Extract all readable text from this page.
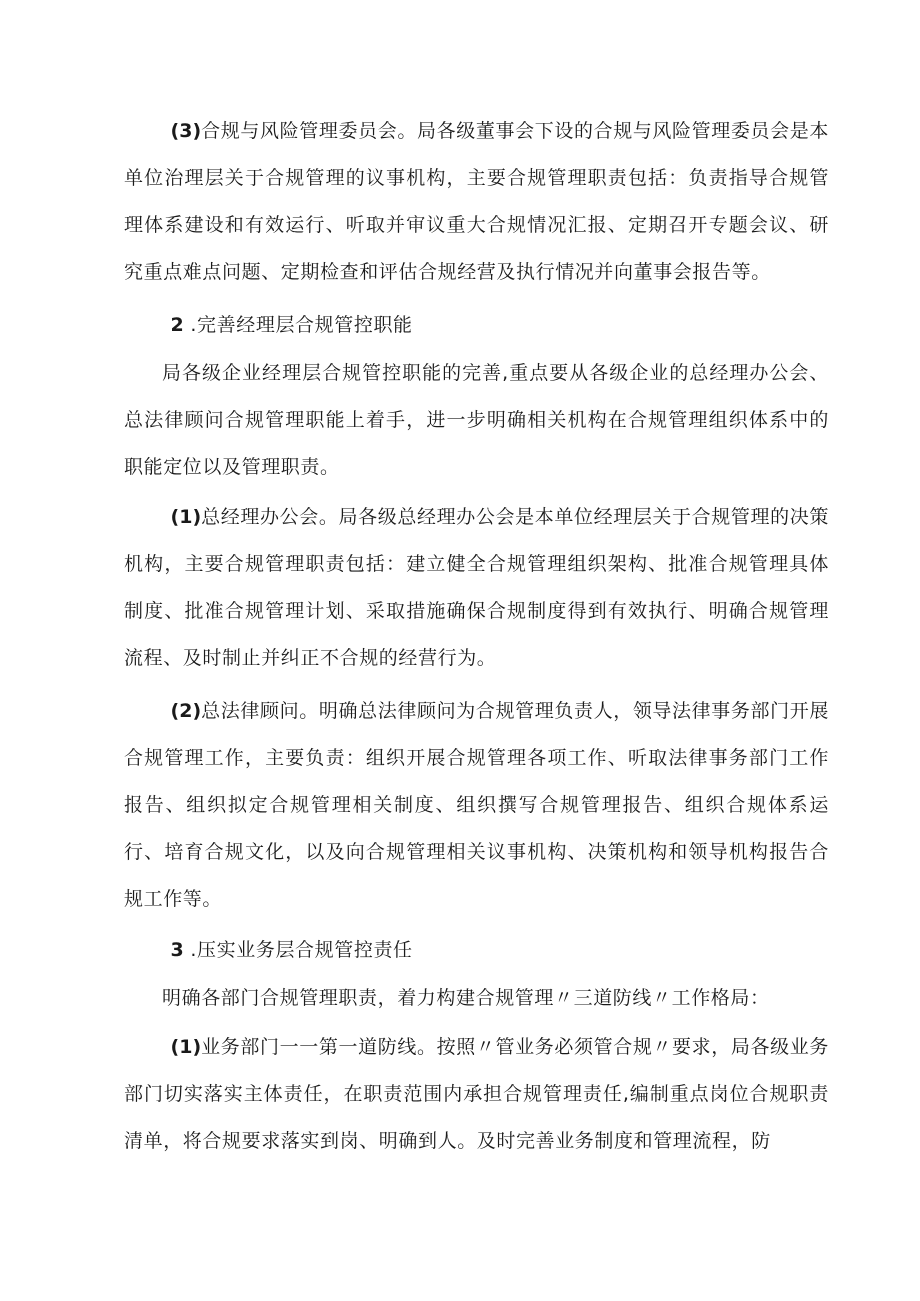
(3)合规与风险管理委员会。局各级董事会下设的合规与风险管理委员会是本单位治理层关于合规管理的议事机构，主要合规管理职责包括：负责指导合规管理体系建设和有效运行、听取并审议重大合规情况汇报、定期召开专题会议、研究重点难点问题、定期检查和评估合规经营及执行情况并向董事会报告等。

2 .完善经理层合规管控职能

局各级企业经理层合规管控职能的完善,重点要从各级企业的总经理办公会、总法律顾问合规管理职能上着手，进一步明确相关机构在合规管理组织体系中的职能定位以及管理职责。

(1)总经理办公会。局各级总经理办公会是本单位经理层关于合规管理的决策机构，主要合规管理职责包括：建立健全合规管理组织架构、批准合规管理具体制度、批准合规管理计划、采取措施确保合规制度得到有效执行、明确合规管理流程、及时制止并纠正不合规的经营行为。

(2)总法律顾问。明确总法律顾问为合规管理负责人，领导法律事务部门开展合规管理工作，主要负责：组织开展合规管理各项工作、听取法律事务部门工作报告、组织拟定合规管理相关制度、组织撰写合规管理报告、组织合规体系运行、培育合规文化，以及向合规管理相关议事机构、决策机构和领导机构报告合规工作等。

3 .压实业务层合规管控责任

明确各部门合规管理职责，着力构建合规管理〃三道防线〃工作格局：

(1)业务部门一一第一道防线。按照〃管业务必须管合规〃要求，局各级业务部门切实落实主体责任，在职责范围内承担合规管理责任,编制重点岗位合规职责清单，将合规要求落实到岗、明确到人。及时完善业务制度和管理流程，防
